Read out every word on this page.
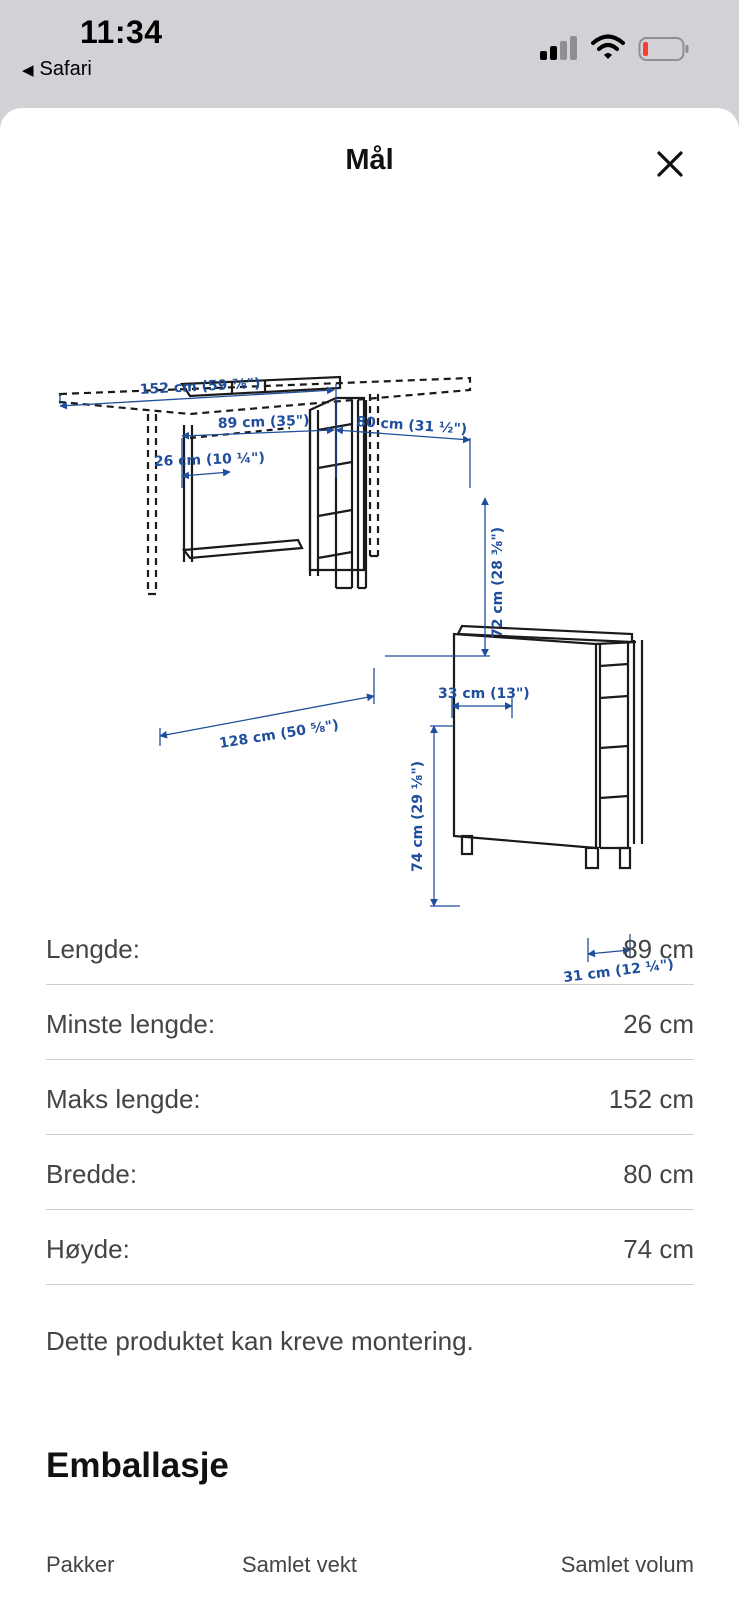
11:34
◀ Safari
Mål
152 cm (59 ⅞")
89 cm (35")	80 cm (31 ½")
26 cm (10 ¼")
72 cm (28 ⅜")
128 cm (50 ⅝")
33 cm (13")
74 cm (29 ⅛")
31 cm (12 ¼")
Lengde:	89 cm
Minste lengde:	26 cm
Maks lengde:	152 cm
Bredde:	80 cm
Høyde:	74 cm
Dette produktet kan kreve montering.
Emballasje
Pakker	Samlet vekt	Samlet volum
